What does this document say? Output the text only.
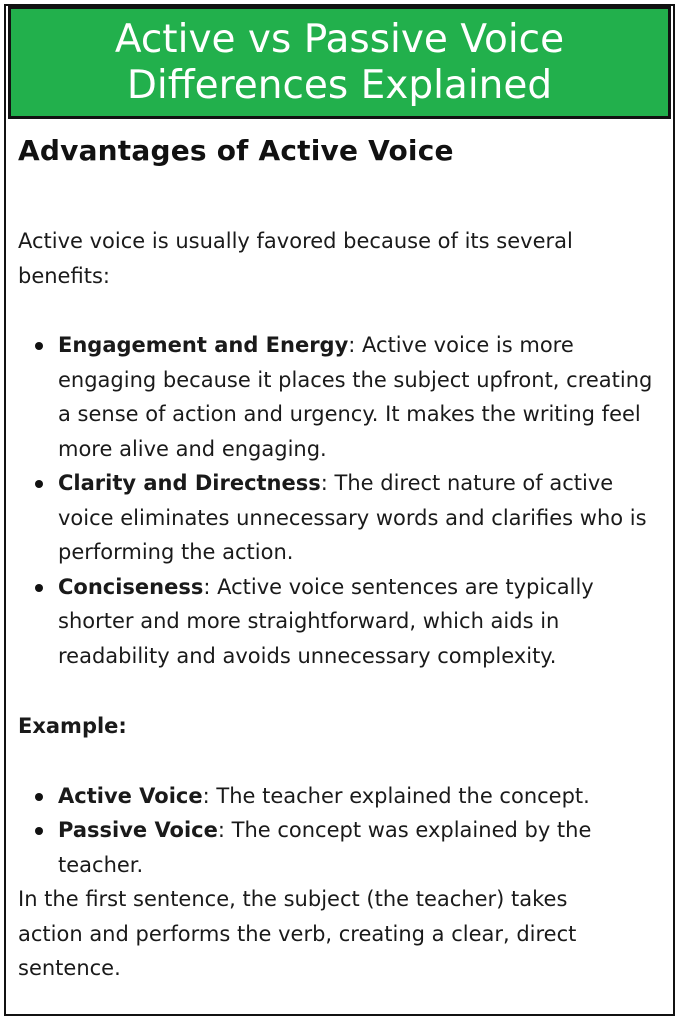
Active vs Passive Voice
Differences Explained
Advantages of Active Voice

Active voice is usually favored because of its several benefits:

Engagement and Energy: Active voice is more engaging because it places the subject upfront, creating a sense of action and urgency. It makes the writing feel more alive and engaging.
Clarity and Directness: The direct nature of active voice eliminates unnecessary words and clarifies who is performing the action.
Conciseness: Active voice sentences are typically shorter and more straightforward, which aids in readability and avoids unnecessary complexity.

Example:

Active Voice: The teacher explained the concept.
Passive Voice: The concept was explained by the teacher.

In the first sentence, the subject (the teacher) takes action and performs the verb, creating a clear, direct sentence.
